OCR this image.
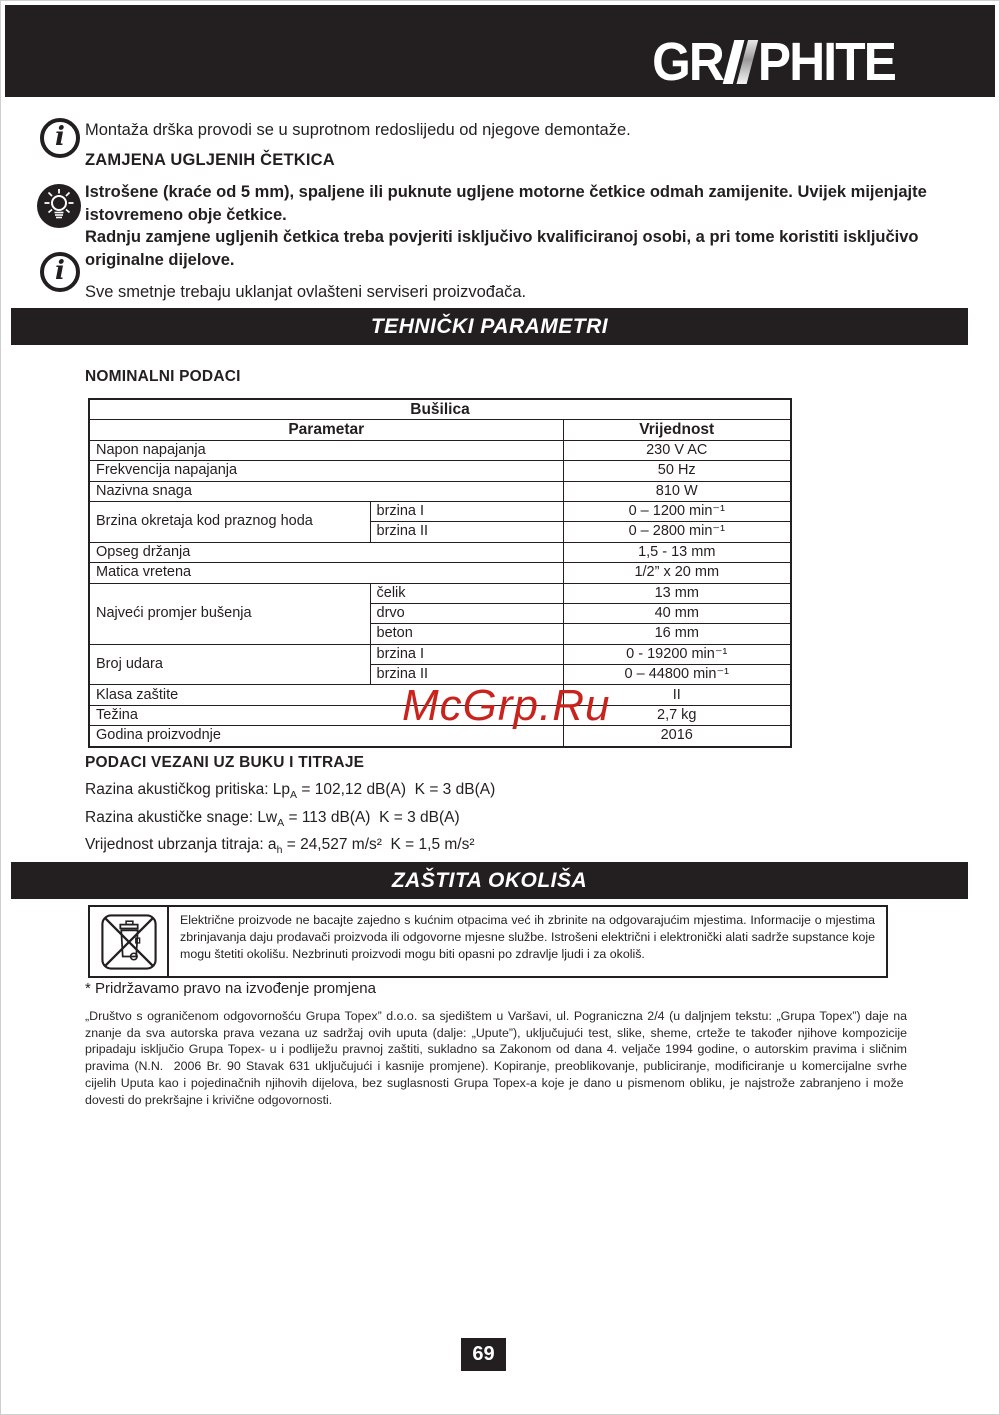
GR PHITE
i
i
Montaža drška provodi se u suprotnom redoslijedu od njegove demontaže.
ZAMJENA UGLJENIH ČETKICA
Istrošene (kraće od 5 mm), spaljene ili puknute ugljene motorne četkice odmah zamijenite. Uvijek mijenjajte istovremeno obje četkice.
Radnju zamjene ugljenih četkica treba povjeriti isključivo kvalificiranoj osobi, a pri tome koristiti isključivo originalne dijelove.
Sve smetnje trebaju uklanjat ovlašteni serviseri proizvođača.
TEHNIČKI PARAMETRI
NOMINALNI PODACI
Bušilica		
Parametar		Vrijednost
Napon napajanja		230 V AC
Frekvencija napajanja		50 Hz
Nazivna snaga		810 W
Brzina okretaja kod praznog hoda	brzina I	0 – 1200 min⁻¹
	brzina II	0 – 2800 min⁻¹
Opseg držanja		1,5 - 13 mm
Matica vretena		1/2” x 20 mm
Najveći promjer bušenja	čelik	13 mm
	drvo	40 mm
	beton	16 mm
Broj udara	brzina I	0 - 19200 min⁻¹
	brzina II	0 – 44800 min⁻¹
Klasa zaštite		II
Težina		2,7 kg
Godina proizvodnje		2016
McGrp.Ru
PODACI VEZANI UZ BUKU I TITRAJE
Razina akustičkog pritiska: $Lp_A = 102,12$ dB(A)  K = 3 dB(A)
Razina akustičke snage: $Lw_A = 113$ dB(A)  K = 3 dB(A)
Vrijednost ubrzanja titraja: $a_h = 24,527$ m/s²  K = 1,5 m/s²
ZAŠTITA OKOLIŠA
Električne proizvode ne bacajte zajedno s kućnim otpacima već ih zbrinite na odgovarajućim mjestima. Informacije o mjestima zbrinjavanja daju prodavači proizvoda ili odgovorne mjesne službe. Istrošeni električni i elektronički alati sadrže supstance koje mogu štetiti okolišu. Nezbrinuti proizvodi mogu biti opasni po zdravlje ljudi i za okoliš.
* Pridržavamo pravo na izvođenje promjena
„Društvo s ograničenom odgovornošću Grupa Topex” d.o.o. sa sjedištem u Varšavi, ul. Pograniczna 2/4 (u daljnjem tekstu: „Grupa Topex”) daje na znanje da sva autorska prava vezana uz sadržaj ovih uputa (dalje: „Upute”), uključujući test, slike, sheme, crteže te također njihove kompozicije pripadaju isključio Grupa Topex- u i podliježu pravnoj zaštiti, sukladno sa Zakonom od dana 4. veljače 1994 godine, o autorskim pravima i sličnim pravima (N.N.  2006 Br. 90 Stavak 631 uključujući i kasnije promjene). Kopiranje, preoblikovanje, publiciranje, modificiranje u komercijalne svrhe cijelih Uputa kao i pojedinačnih njihovih dijelova, bez suglasnosti Grupa Topex-a koje je dano u pismenom obliku, je najstrože zabranjeno i može  dovesti do prekršajne i krivične odgovornosti.
69
